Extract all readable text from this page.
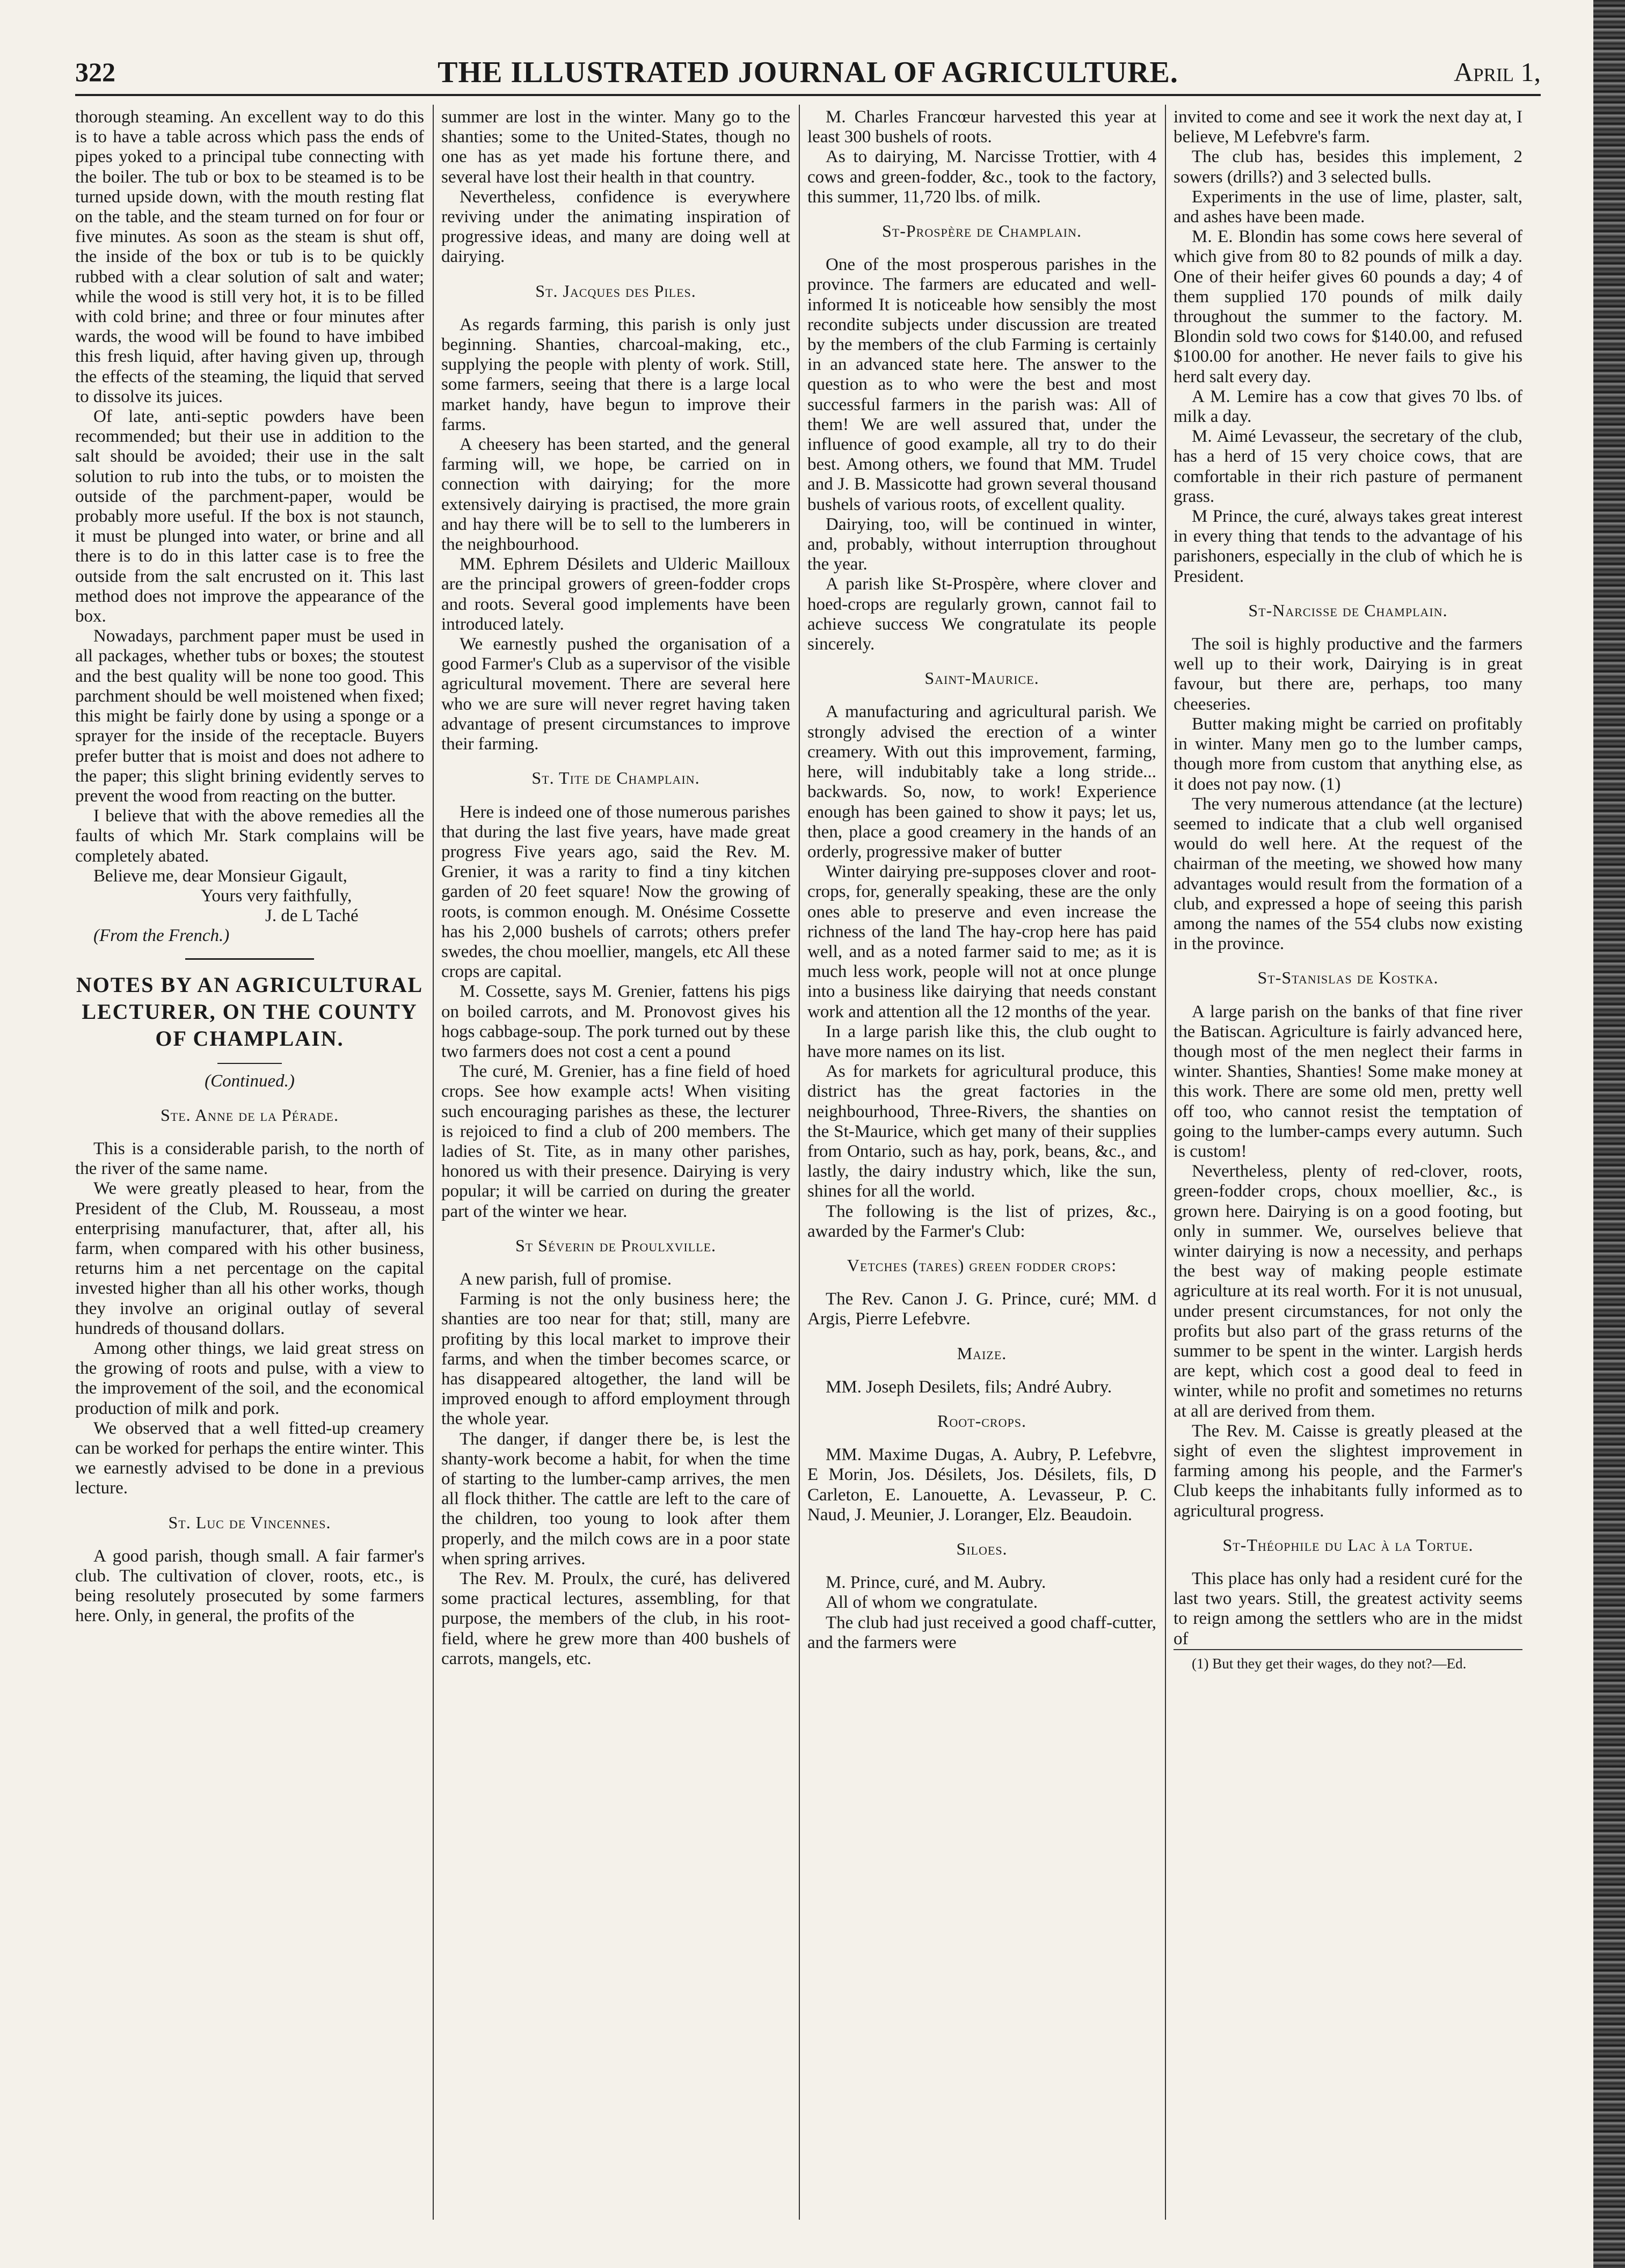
322	THE ILLUSTRATED JOURNAL OF AGRICULTURE.	April 1,

thorough steaming. An excellent way to do this is to have a table across which pass the ends of pipes yoked to a principal tube connecting with the boiler. The tub or box to be steamed is to be turned upside down, with the mouth resting flat on the table, and the steam turned on for four or five minutes. As soon as the steam is shut off, the inside of the box or tub is to be quickly rubbed with a clear solution of salt and water; while the wood is still very hot, it is to be filled with cold brine; and three or four minutes after wards, the wood will be found to have imbibed this fresh liquid, after having given up, through the effects of the steaming, the liquid that served to dissolve its juices.

Of late, anti-septic powders have been recommended; but their use in addition to the salt should be avoided; their use in the salt solution to rub into the tubs, or to moisten the outside of the parchment-paper, would be probably more useful. If the box is not staunch, it must be plunged into water, or brine and all there is to do in this latter case is to free the outside from the salt encrusted on it. This last method does not improve the appearance of the box.

Nowadays, parchment paper must be used in all packages, whether tubs or boxes; the stoutest and the best quality will be none too good. This parchment should be well moistened when fixed; this might be fairly done by using a sponge or a sprayer for the inside of the receptacle. Buyers prefer butter that is moist and does not adhere to the paper; this slight brining evidently serves to prevent the wood from reacting on the butter.

I believe that with the above remedies all the faults of which Mr. Stark complains will be completely abated.

Believe me, dear Monsieur Gigault,

Yours very faithfully,

J. de L Taché

(From the French.)

NOTES BY AN AGRICULTURAL LECTURER, ON THE COUNTY OF CHAMPLAIN.
(Continued.)
Ste. Anne de la Pérade.

This is a considerable parish, to the north of the river of the same name.

We were greatly pleased to hear, from the President of the Club, M. Rousseau, a most enterprising manufacturer, that, after all, his farm, when compared with his other business, returns him a net percentage on the capital invested higher than all his other works, though they involve an original outlay of several hundreds of thousand dollars.

Among other things, we laid great stress on the growing of roots and pulse, with a view to the improvement of the soil, and the economical production of milk and pork.

We observed that a well fitted-up creamery can be worked for perhaps the entire winter. This we earnestly advised to be done in a previous lecture.

St. Luc de Vincennes.

A good parish, though small. A fair farmer's club. The cultivation of clover, roots, etc., is being resolutely prosecuted by some farmers here. Only, in general, the profits of the

summer are lost in the winter. Many go to the shanties; some to the United-States, though no one has as yet made his fortune there, and several have lost their health in that country.

Nevertheless, confidence is everywhere reviving under the animating inspiration of progressive ideas, and many are doing well at dairying.

St. Jacques des Piles.

As regards farming, this parish is only just beginning. Shanties, charcoal-making, etc., supplying the people with plenty of work. Still, some farmers, seeing that there is a large local market handy, have begun to improve their farms.

A cheesery has been started, and the general farming will, we hope, be carried on in connection with dairying; for the more extensively dairying is practised, the more grain and hay there will be to sell to the lumberers in the neighbourhood.

MM. Ephrem Désilets and Ulderic Mailloux are the principal growers of green-fodder crops and roots. Several good implements have been introduced lately.

We earnestly pushed the organisation of a good Farmer's Club as a supervisor of the visible agricultural movement. There are several here who we are sure will never regret having taken advantage of present circumstances to improve their farming.

St. Tite de Champlain.

Here is indeed one of those numerous parishes that during the last five years, have made great progress Five years ago, said the Rev. M. Grenier, it was a rarity to find a tiny kitchen garden of 20 feet square! Now the growing of roots, is common enough. M. Onésime Cossette has his 2,000 bushels of carrots; others prefer swedes, the chou moellier, mangels, etc All these crops are capital.

M. Cossette, says M. Grenier, fattens his pigs on boiled carrots, and M. Pronovost gives his hogs cabbage-soup. The pork turned out by these two farmers does not cost a cent a pound

The curé, M. Grenier, has a fine field of hoed crops. See how example acts! When visiting such encouraging parishes as these, the lecturer is rejoiced to find a club of 200 members. The ladies of St. Tite, as in many other parishes, honored us with their presence. Dairying is very popular; it will be carried on during the greater part of the winter we hear.

St Séverin de Proulxville.

A new parish, full of promise.

Farming is not the only business here; the shanties are too near for that; still, many are profiting by this local market to improve their farms, and when the timber becomes scarce, or has disappeared altogether, the land will be improved enough to afford employment through the whole year.

The danger, if danger there be, is lest the shanty-work become a habit, for when the time of starting to the lumber-camp arrives, the men all flock thither. The cattle are left to the care of the children, too young to look after them properly, and the milch cows are in a poor state when spring arrives.

The Rev. M. Proulx, the curé, has delivered some practical lectures, assembling, for that purpose, the members of the club, in his root-field, where he grew more than 400 bushels of carrots, mangels, etc.

M. Charles Francœur harvested this year at least 300 bushels of roots.

As to dairying, M. Narcisse Trottier, with 4 cows and green-fodder, &c., took to the factory, this summer, 11,720 lbs. of milk.

St-Prospère de Champlain.

One of the most prosperous parishes in the province. The farmers are educated and well-informed It is noticeable how sensibly the most recondite subjects under discussion are treated by the members of the club Farming is certainly in an advanced state here. The answer to the question as to who were the best and most successful farmers in the parish was: All of them! We are well assured that, under the influence of good example, all try to do their best. Among others, we found that MM. Trudel and J. B. Massicotte had grown several thousand bushels of various roots, of excellent quality.

Dairying, too, will be continued in winter, and, probably, without interruption throughout the year.

A parish like St-Prospère, where clover and hoed-crops are regularly grown, cannot fail to achieve success We congratulate its people sincerely.

Saint-Maurice.

A manufacturing and agricultural parish. We strongly advised the erection of a winter creamery. With out this improvement, farming, here, will indubitably take a long stride... backwards. So, now, to work! Experience enough has been gained to show it pays; let us, then, place a good creamery in the hands of an orderly, progressive maker of butter

Winter dairying pre-supposes clover and root-crops, for, generally speaking, these are the only ones able to preserve and even increase the richness of the land The hay-crop here has paid well, and as a noted farmer said to me; as it is much less work, people will not at once plunge into a business like dairying that needs constant work and attention all the 12 months of the year.

In a large parish like this, the club ought to have more names on its list.

As for markets for agricultural produce, this district has the great factories in the neighbourhood, Three-Rivers, the shanties on the St-Maurice, which get many of their supplies from Ontario, such as hay, pork, beans, &c., and lastly, the dairy industry which, like the sun, shines for all the world.

The following is the list of prizes, &c., awarded by the Farmer's Club:

Vetches (tares) green fodder crops:

The Rev. Canon J. G. Prince, curé; MM. d Argis, Pierre Lefebvre.

Maize.

MM. Joseph Desilets, fils; André Aubry.

Root-crops.

MM. Maxime Dugas, A. Aubry, P. Lefebvre, E Morin, Jos. Désilets, Jos. Désilets, fils, D Carleton, E. Lanouette, A. Levasseur, P. C. Naud, J. Meunier, J. Loranger, Elz. Beaudoin.

Siloes.

M. Prince, curé, and M. Aubry.

All of whom we congratulate.

The club had just received a good chaff-cutter, and the farmers were

invited to come and see it work the next day at, I believe, M Lefebvre's farm.

The club has, besides this implement, 2 sowers (drills?) and 3 selected bulls.

Experiments in the use of lime, plaster, salt, and ashes have been made.

M. E. Blondin has some cows here several of which give from 80 to 82 pounds of milk a day. One of their heifer gives 60 pounds a day; 4 of them supplied 170 pounds of milk daily throughout the summer to the factory. M. Blondin sold two cows for $140.00, and refused $100.00 for another. He never fails to give his herd salt every day.

A M. Lemire has a cow that gives 70 lbs. of milk a day.

M. Aimé Levasseur, the secretary of the club, has a herd of 15 very choice cows, that are comfortable in their rich pasture of permanent grass.

M Prince, the curé, always takes great interest in every thing that tends to the advantage of his parishoners, especially in the club of which he is President.

St-Narcisse de Champlain.

The soil is highly productive and the farmers well up to their work, Dairying is in great favour, but there are, perhaps, too many cheeseries.

Butter making might be carried on profitably in winter. Many men go to the lumber camps, though more from custom that anything else, as it does not pay now. (1)

The very numerous attendance (at the lecture) seemed to indicate that a club well organised would do well here. At the request of the chairman of the meeting, we showed how many advantages would result from the formation of a club, and expressed a hope of seeing this parish among the names of the 554 clubs now existing in the province.

St-Stanislas de Kostka.

A large parish on the banks of that fine river the Batiscan. Agriculture is fairly advanced here, though most of the men neglect their farms in winter. Shanties, Shanties! Some make money at this work. There are some old men, pretty well off too, who cannot resist the temptation of going to the lumber-camps every autumn. Such is custom!

Nevertheless, plenty of red-clover, roots, green-fodder crops, choux moellier, &c., is grown here. Dairying is on a good footing, but only in summer. We, ourselves believe that winter dairying is now a necessity, and perhaps the best way of making people estimate agriculture at its real worth. For it is not unusual, under present circumstances, for not only the profits but also part of the grass returns of the summer to be spent in the winter. Largish herds are kept, which cost a good deal to feed in winter, while no profit and sometimes no returns at all are derived from them.

The Rev. M. Caisse is greatly pleased at the sight of even the slightest improvement in farming among his people, and the Farmer's Club keeps the inhabitants fully informed as to agricultural progress.

St-Théophile du Lac à la Tortue.

This place has only had a resident curé for the last two years. Still, the greatest activity seems to reign among the settlers who are in the midst of

(1) But they get their wages, do they not?—Ed.
